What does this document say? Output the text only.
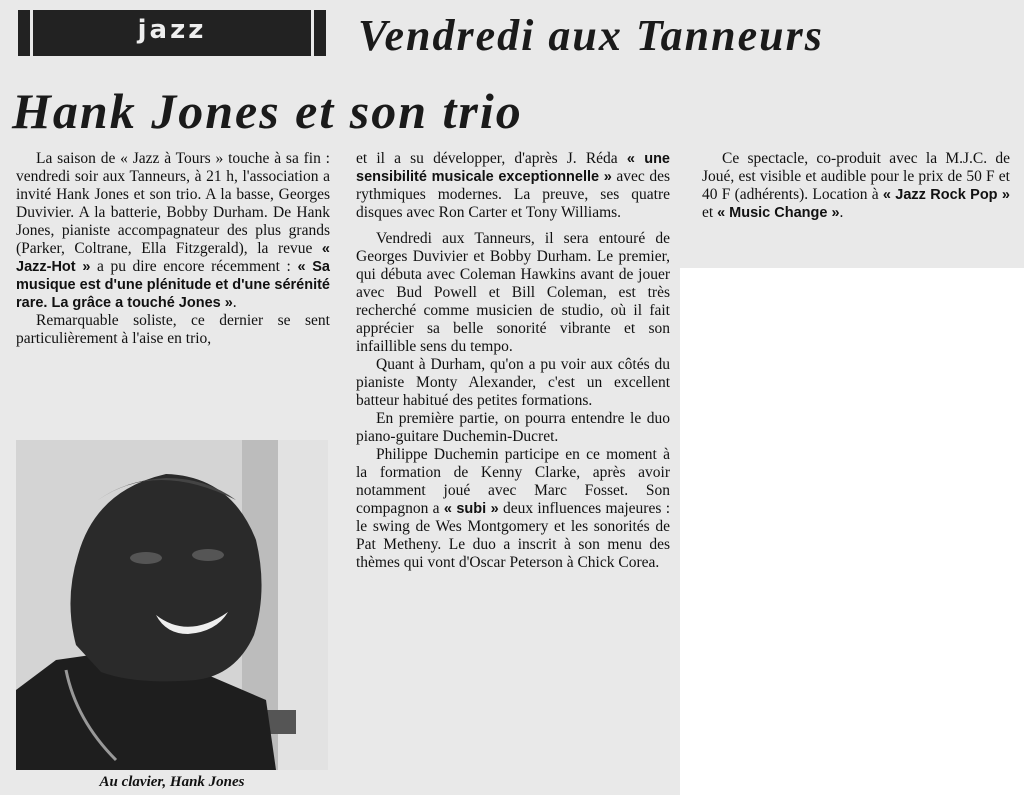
jazz	Vendredi aux Tanneurs
Hank Jones et son trio

La saison de « Jazz à Tours » touche à sa fin : vendredi soir aux Tanneurs, à 21 h, l'association a invité Hank Jones et son trio. A la basse, Georges Duvivier. A la batterie, Bobby Durham. De Hank Jones, pianiste accompagnateur des plus grands (Parker, Coltrane, Ella Fitzgerald), la revue « Jazz-Hot » a pu dire encore récemment : « Sa musique est d'une plénitude et d'une sérénité rare. La grâce a touché Jones ».

Remarquable soliste, ce dernier se sent particulièrement à l'aise en trio,

Au clavier, Hank Jones

et il a su développer, d'après J. Réda « une sensibilité musicale exceptionnelle » avec des rythmiques modernes. La preuve, ses quatre disques avec Ron Carter et Tony Williams.

Vendredi aux Tanneurs, il sera entouré de Georges Duvivier et Bobby Durham. Le premier, qui débuta avec Coleman Hawkins avant de jouer avec Bud Powell et Bill Coleman, est très recherché comme musicien de studio, où il fait apprécier sa belle sonorité vibrante et son infaillible sens du tempo.

Quant à Durham, qu'on a pu voir aux côtés du pianiste Monty Alexander, c'est un excellent batteur habitué des petites formations.

En première partie, on pourra entendre le duo piano-guitare Duchemin-Ducret.

Philippe Duchemin participe en ce moment à la formation de Kenny Clarke, après avoir notamment joué avec Marc Fosset. Son compagnon a « subi » deux influences majeures : le swing de Wes Montgomery et les sonorités de Pat Metheny. Le duo a inscrit à son menu des thèmes qui vont d'Oscar Peterson à Chick Corea.

Ce spectacle, co-produit avec la M.J.C. de Joué, est visible et audible pour le prix de 50 F et 40 F (adhérents). Location à « Jazz Rock Pop » et « Music Change ».
